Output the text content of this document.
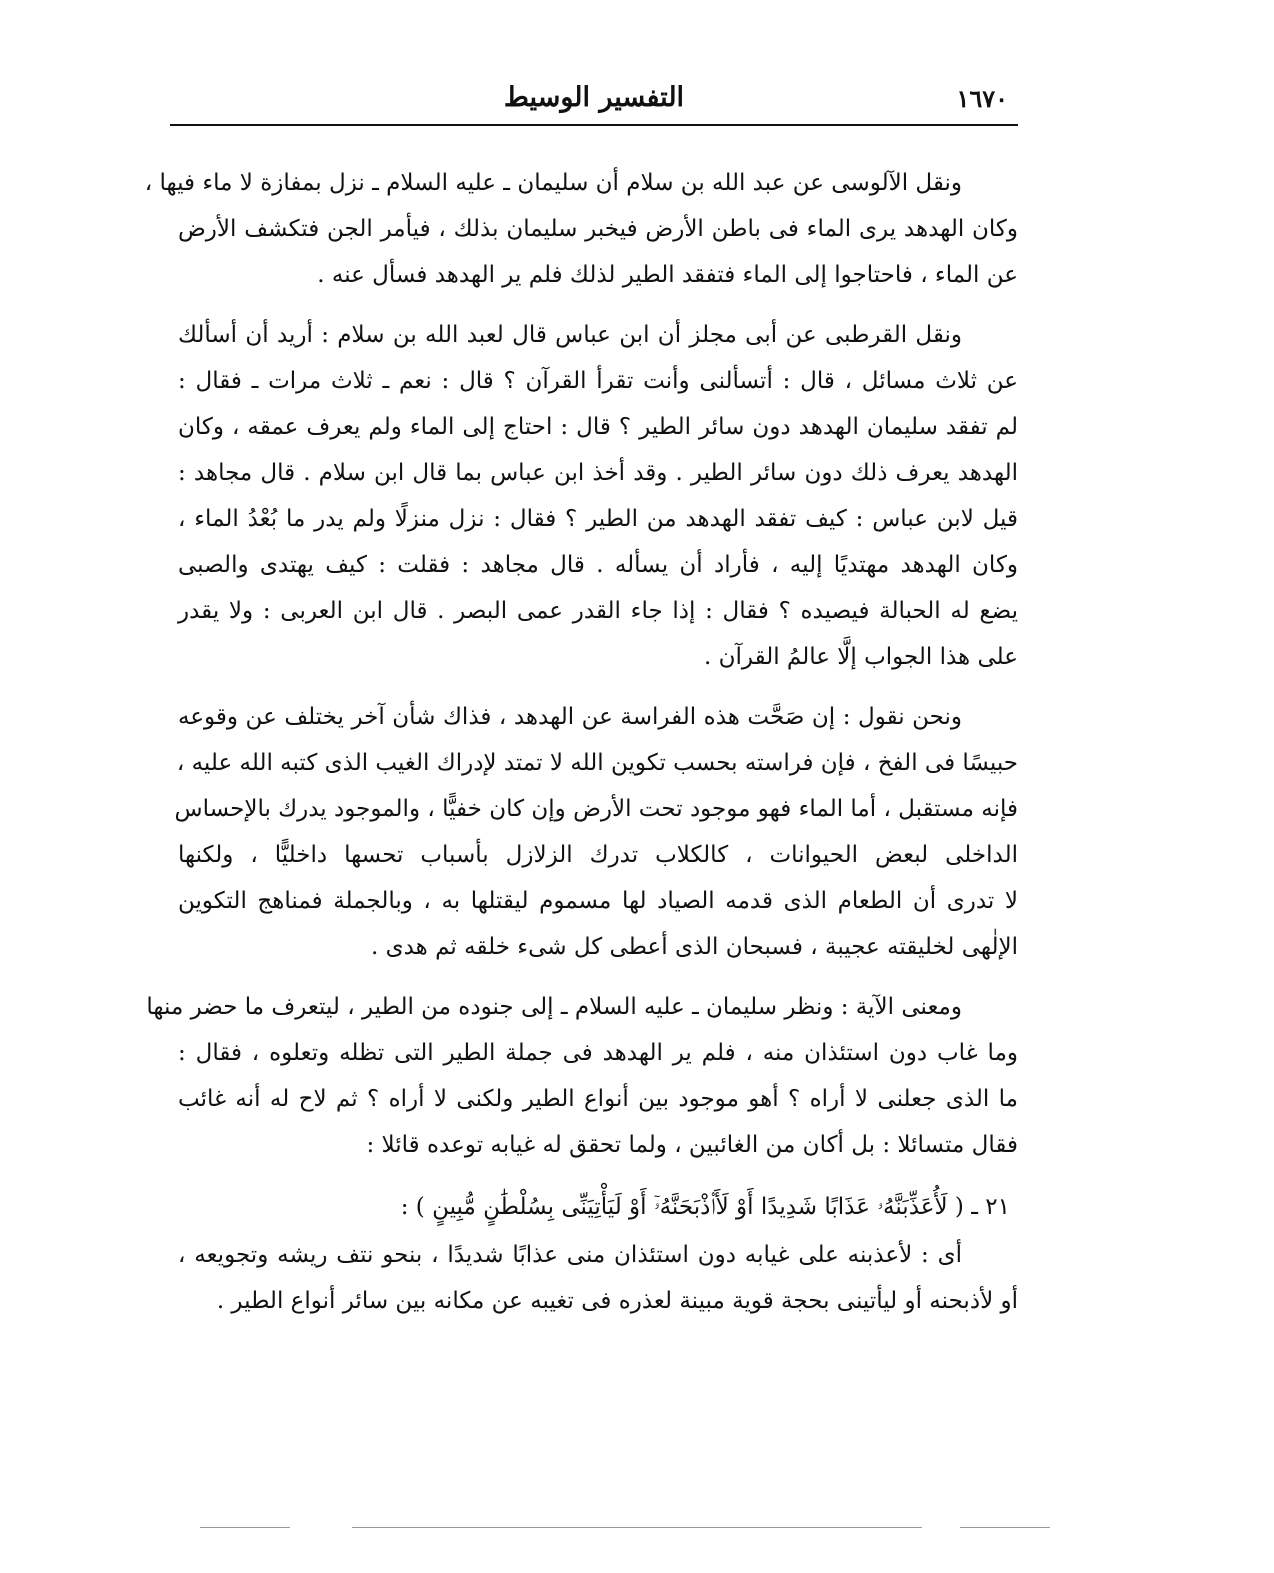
١٦٧٠
التفسير الوسيط
ونقل الآلوسى عن عبد الله بن سلام أن سليمان ـ عليه السلام ـ نزل بمفازة لا ماء فيها ،
وكان الهدهد يرى الماء فى باطن الأرض فيخبر سليمان بذلك ، فيأمر الجن فتكشف الأرض
عن الماء ، فاحتاجوا إلى الماء فتفقد الطير لذلك فلم ير الهدهد فسأل عنه .
ونقل القرطبى عن أبى مجلز أن ابن عباس قال لعبد الله بن سلام : أريد أن أسألك
عن ثلاث مسائل ، قال : أتسألنى وأنت تقرأ القرآن ؟ قال : نعم ـ ثلاث مرات ـ فقال :
لم تفقد سليمان الهدهد دون سائر الطير ؟ قال : احتاج إلى الماء ولم يعرف عمقه ، وكان
الهدهد يعرف ذلك دون سائر الطير . وقد أخذ ابن عباس بما قال ابن سلام . قال مجاهد :
قيل لابن عباس : كيف تفقد الهدهد من الطير ؟ فقال : نزل منزلًا ولم يدر ما بُعْدُ الماء ،
وكان الهدهد مهتديًا إليه ، فأراد أن يسأله . قال مجاهد : فقلت : كيف يهتدى والصبى
يضع له الحبالة فيصيده ؟ فقال : إذا جاء القدر عمى البصر . قال ابن العربى : ولا يقدر
على هذا الجواب إلَّا عالمُ القرآن .
ونحن نقول : إن صَحَّت هذه الفراسة عن الهدهد ، فذاك شأن آخر يختلف عن وقوعه
حبيسًا فى الفخ ، فإن فراسته بحسب تكوين الله لا تمتد لإدراك الغيب الذى كتبه الله عليه ،
فإنه مستقبل ، أما الماء فهو موجود تحت الأرض وإن كان خفيًّا ، والموجود يدرك بالإحساس
الداخلى لبعض الحيوانات ، كالكلاب تدرك الزلازل بأسباب تحسها داخليًّا ، ولكنها
لا تدرى أن الطعام الذى قدمه الصياد لها مسموم ليقتلها به ، وبالجملة فمناهج التكوين
الإلٰهى لخليقته عجيبة ، فسبحان الذى أعطى كل شىء خلقه ثم هدى .
ومعنى الآية : ونظر سليمان ـ عليه السلام ـ إلى جنوده من الطير ، ليتعرف ما حضر منها
وما غاب دون استئذان منه ، فلم ير الهدهد فى جملة الطير التى تظله وتعلوه ، فقال :
ما الذى جعلنى لا أراه ؟ أهو موجود بين أنواع الطير ولكنى لا أراه ؟ ثم لاح له أنه غائب
فقال متسائلا : بل أكان من الغائبين ، ولما تحقق له غيابه توعده قائلا :
٢١ ـ ( لَأُعَذِّبَنَّهُۥ عَذَابًا شَدِيدًا أَوْ لَأَا۟ذْبَحَنَّهُۥٓ أَوْ لَيَأْتِيَنِّى بِسُلْطَٰنٍ مُّبِينٍ ) :
أى : لأعذبنه على غيابه دون استئذان منى عذابًا شديدًا ، بنحو نتف ريشه وتجويعه ،
أو لأذبحنه أو ليأتينى بحجة قوية مبينة لعذره فى تغيبه عن مكانه بين سائر أنواع الطير .
